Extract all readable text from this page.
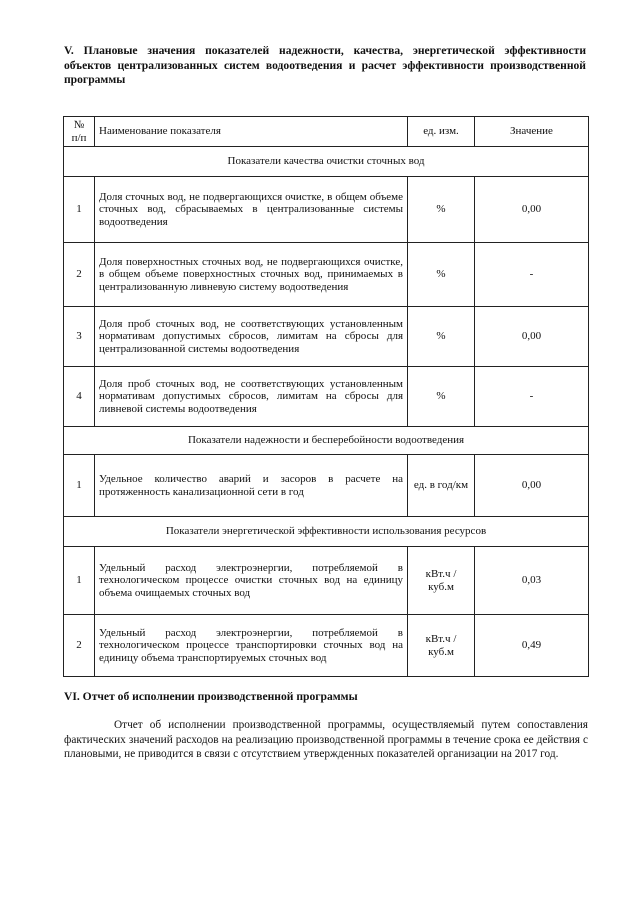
V. Плановые значения показателей надежности, качества, энергетической эффективности объектов централизованных систем водоотведения и расчет эффективности производственной программы

№ п/п	Наименование показателя	ед. изм.	Значение
Показатели качества очистки сточных вод			
1	Доля сточных вод, не подвергающихся очистке, в общем объеме сточных вод, сбрасываемых в централизованные системы водоотведения	%	0,00
2	Доля поверхностных сточных вод, не подвергающихся очистке, в общем объеме поверхностных сточных вод, принимаемых в централизованную ливневую систему водоотведения	%	-
3	Доля проб сточных вод, не соответствующих установленным нормативам допустимых сбросов, лимитам на сбросы для централизованной системы водоотведения	%	0,00
4	Доля проб сточных вод, не соответствующих установленным нормативам допустимых сбросов, лимитам на сбросы для ливневой системы водоотведения	%	-
Показатели надежности и бесперебойности водоотведения			
1	Удельное количество аварий и засоров в расчете на протяженность канализационной сети в год	ед. в год/км	0,00
Показатели энергетической эффективности использования ресурсов			
1	Удельный расход электроэнергии, потребляемой в технологическом процессе очистки сточных вод на единицу объема очищаемых сточных вод	кВт.ч / куб.м	0,03
2	Удельный расход электроэнергии, потребляемой в технологическом процессе транспортировки сточных вод на единицу объема транспортируемых сточных вод	кВт.ч / куб.м	0,49
VI. Отчет об исполнении производственной программы

Отчет об исполнении производственной программы, осуществляемый путем сопоставления фактических значений расходов на реализацию производственной программы в течение срока ее действия с плановыми, не приводится в связи с отсутствием утвержденных показателей организации на 2017 год.
